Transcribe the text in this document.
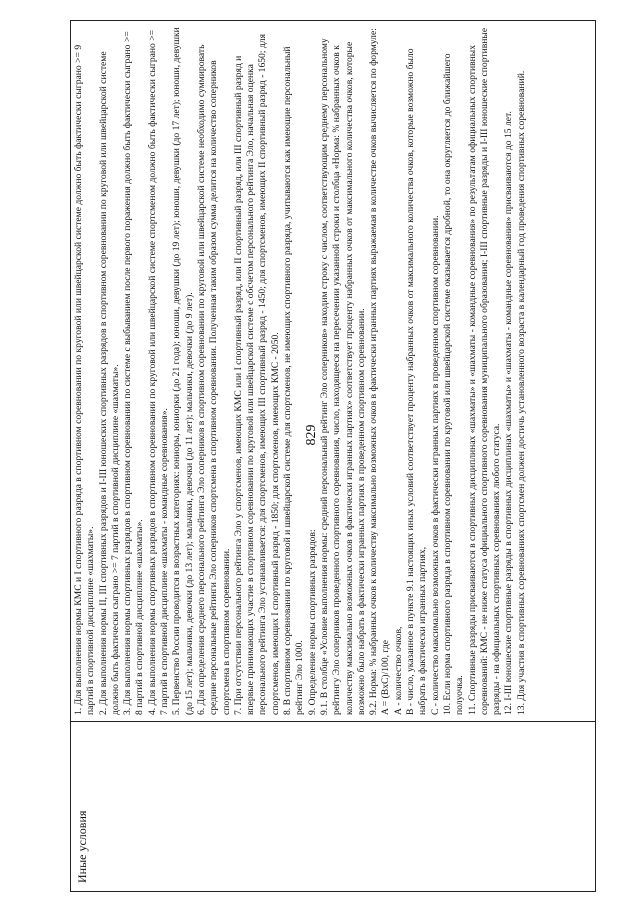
829
Иные условия

1. Для выполнения нормы КМС и I спортивного разряда в спортивном соревновании по круговой или швейцарской системе должно быть фактически сыграно >= 9 партий в спортивной дисциплине «шахматы». 2. Для выполнения нормы II, III спортивных разрядов и I-III юношеских спортивных разрядов в спортивном соревновании по круговой или швейцарской системе должно быть фактически сыграно >= 7 партий в спортивной дисциплине «шахматы». 3. Для выполнения нормы спортивных разрядов в спортивном соревновании по системе с выбыванием после первого поражения должно быть фактически сыграно >= 8 партий в спортивной дисциплине «шахматы». 4. Для выполнения нормы спортивных разрядов в спортивном соревновании по круговой или швейцарской системе спортсменом должно быть фактически сыграно >= 7 партий в спортивной дисциплине «шахматы - командные соревнования». 5. Первенство России проводится в возрастных категориях: юниоры, юниорки (до 21 года); юноши, девушки (до 19 лет); юноши, девушки (до 17 лет); юноши, девушки (до 15 лет); мальчики, девочки (до 13 лет); мальчики, девочки (до 11 лет); мальчики, девочки (до 9 лет). 6. Для определения среднего персонального рейтинга Эло соперников в спортивном соревновании по круговой или швейцарской системе необходимо суммировать средние персональные рейтинги Эло соперников спортсмена в спортивном соревновании. Полученная таким образом сумма делится на количество соперников спортсмена в спортивном соревновании. 7. При отсутствии персонального рейтинга Эло у спортсменов, имеющих КМС или I спортивный разряд, или II спортивный разряд, или III спортивный разряд и впервые принимающих участие в спортивном соревновании по круговой или швейцарской системе с обсчетом персонального рейтинга Эло, начальная оценка персонального рейтинга Эло устанавливается: для спортсменов, имеющих III спортивный разряд - 1450; для спортсменов, имеющих II спортивный разряд - 1650; для спортсменов, имеющих I спортивный разряд - 1850; для спортсменов, имеющих КМС - 2050. 8. В спортивном соревновании по круговой и швейцарской системе для спортсменов, не имеющих спортивного разряда, учитываются как имеющие персональный рейтинг Эло 1000. 9. Определение нормы спортивных разрядов: 9.1. В столбце «Условие выполнения нормы: средний персональный рейтинг Эло соперников» находим строку с числом, соответствующим среднему персональному рейтингу Эло соперников проведенного спортивного соревнования, число, находящееся на пересечении указанной строки и столбца «Норма: % набранных очков к количеству максимально возможных очков в фактически игранных партиях» соответствует проценту набранных очков от максимального количества очков, которые возможно было набрать в фактически игранных партиях в проведенном спортивном соревновании. 9.2. Норма: % набранных очков к количеству максимально возможных очков в фактически игранных партиях выражаемая в количестве очков вычисляется по формуле: A = (BхC)/100, где А - количество очков, В - число, указанное в пункте 9.1 настоящих иных условий соответствует проценту набранных очков от максимального количества очков, которые возможно было набрать в фактически игранных партиях, С - количество максимально возможных очков в фактически игранных партиях в проведенном спортивном соревновании. 10. Если норма спортивного разряда в спортивном соревновании по круговой или швейцарской системе оказывается дробной, то она округляется до ближайшего полуочка. 11. Спортивные разряды присваиваются в спортивных дисциплинах «шахматы» и «шахматы - командные соревнования» по результатам официальных спортивных соревнований: КМС - не ниже статуса официального спортивного соревнования муниципального образования; I-III спортивные разряды и I-III юношеские спортивные разряды - на официальных спортивных соревнованиях любого статуса. 12. I-III юношеские спортивные разряды в спортивных дисциплинах «шахматы» и «шахматы - командные соревнования» присваиваются до 15 лет. 13. Для участия в спортивных соревнованиях спортсмен должен достичь установленного возраста в календарный год проведения спортивных соревнований.
